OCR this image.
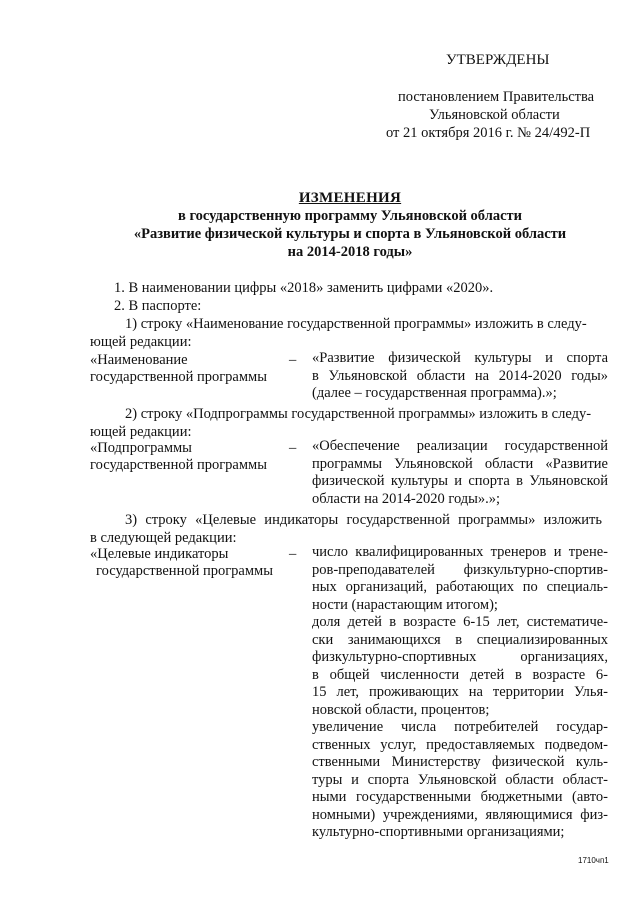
УТВЕРЖДЕНЫ
постановлением Правительства
Ульяновской области
от 21 октября 2016 г. № 24/492-П
ИЗМЕНЕНИЯ
в государственную программу Ульяновской области
«Развитие физической культуры и спорта в Ульяновской области
на 2014-2018 годы»
1. В наименовании цифры «2018» заменить цифрами «2020».
2. В паспорте:
1) строку «Наименование государственной программы» изложить в следу-
ющей редакции:
«Наименование
государственной программы
– «Развитие физической культуры и спорта
в Ульяновской области на 2014-2020 годы»
(далее – государственная программа).»;
2) строку «Подпрограммы государственной программы» изложить в следу-
ющей редакции:
«Подпрограммы
государственной программы
– «Обеспечение реализации государственной
программы Ульяновской области «Развитие
физической культуры и спорта в Ульяновской
области на 2014-2020 годы».»;
3) строку «Целевые индикаторы государственной программы» изложить
в следующей редакции:
«Целевые индикаторы
государственной программы
– число квалифицированных тренеров и трене-
ров-преподавателей физкультурно-спортив-
ных организаций, работающих по специаль-
ности (нарастающим итогом);
доля детей в возрасте 6-15 лет, систематиче-
ски занимающихся в специализированных
физкультурно-спортивных организациях,
в общей численности детей в возрасте 6-
15 лет, проживающих на территории Улья-
новской области, процентов;
увеличение числа потребителей государ-
ственных услуг, предоставляемых подведом-
ственными Министерству физической куль-
туры и спорта Ульяновской области област-
ными государственными бюджетными (авто-
номными) учреждениями, являющимися физ-
культурно-спортивными организациями;
1710чп1
